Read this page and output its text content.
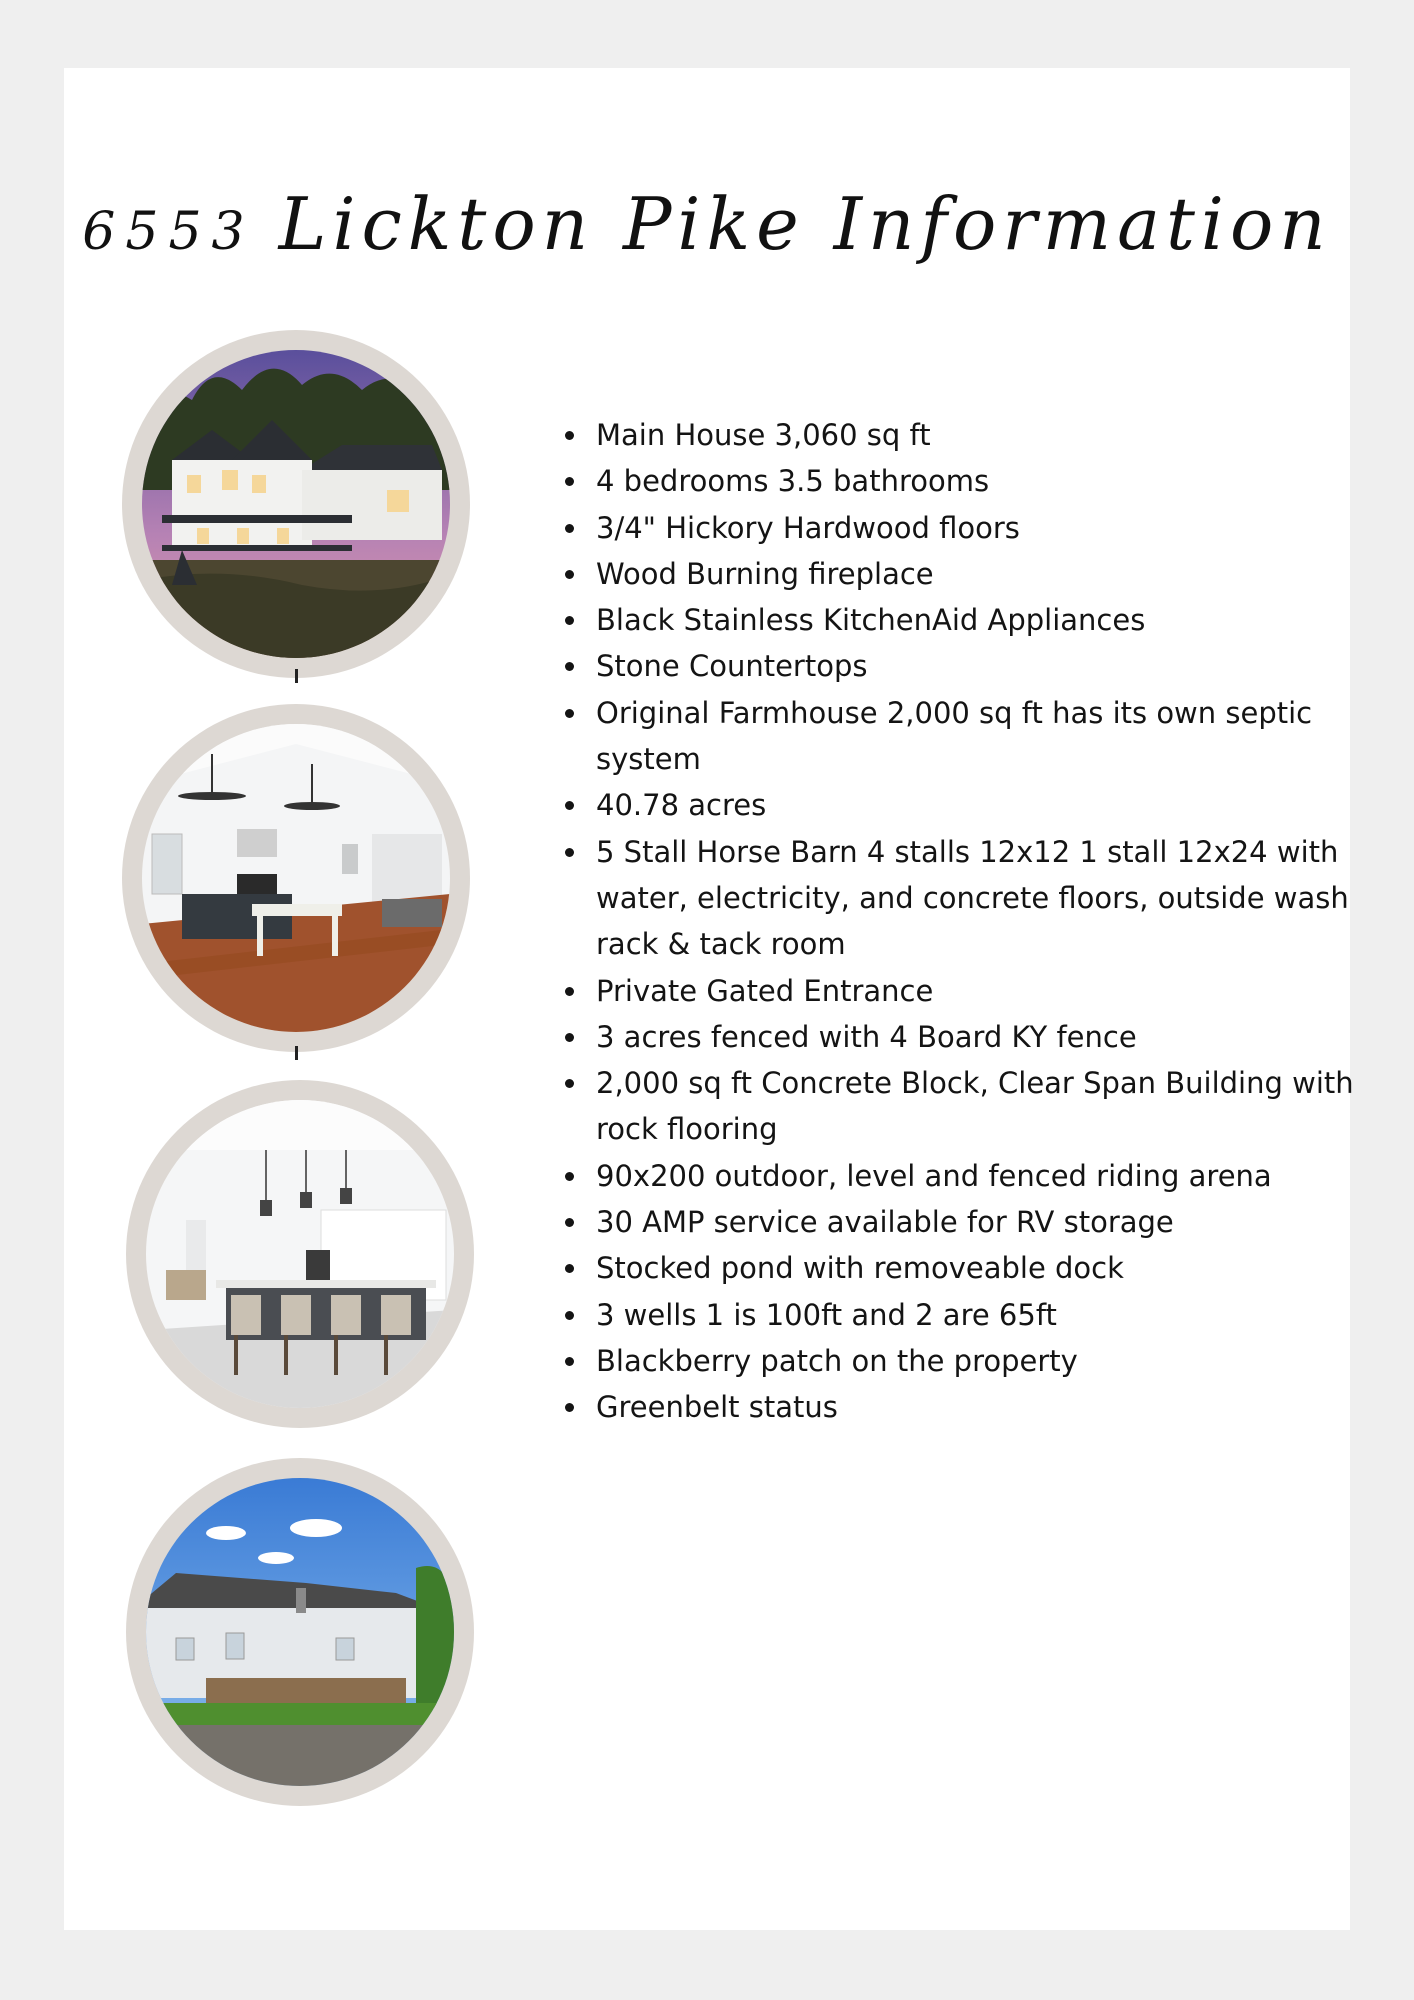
6553 Lickton Pike Information
• Main House 3,060 sq ft
• 4 bedrooms 3.5 bathrooms
• 3/4" Hickory Hardwood floors
• Wood Burning fireplace
• Black Stainless KitchenAid Appliances
• Stone Countertops
• Original Farmhouse 2,000 sq ft has its own septic system
• 40.78 acres
• 5 Stall Horse Barn 4 stalls 12x12 1 stall 12x24 with water, electricity, and concrete floors, outside wash rack & tack room
• Private Gated Entrance
• 3 acres fenced with 4 Board KY fence
• 2,000 sq ft Concrete Block, Clear Span Building with rock flooring
• 90x200 outdoor, level and fenced riding arena
• 30 AMP service available for RV storage
• Stocked pond with removeable dock
• 3 wells 1 is 100ft and 2 are 65ft
• Blackberry patch on the property
• Greenbelt status
